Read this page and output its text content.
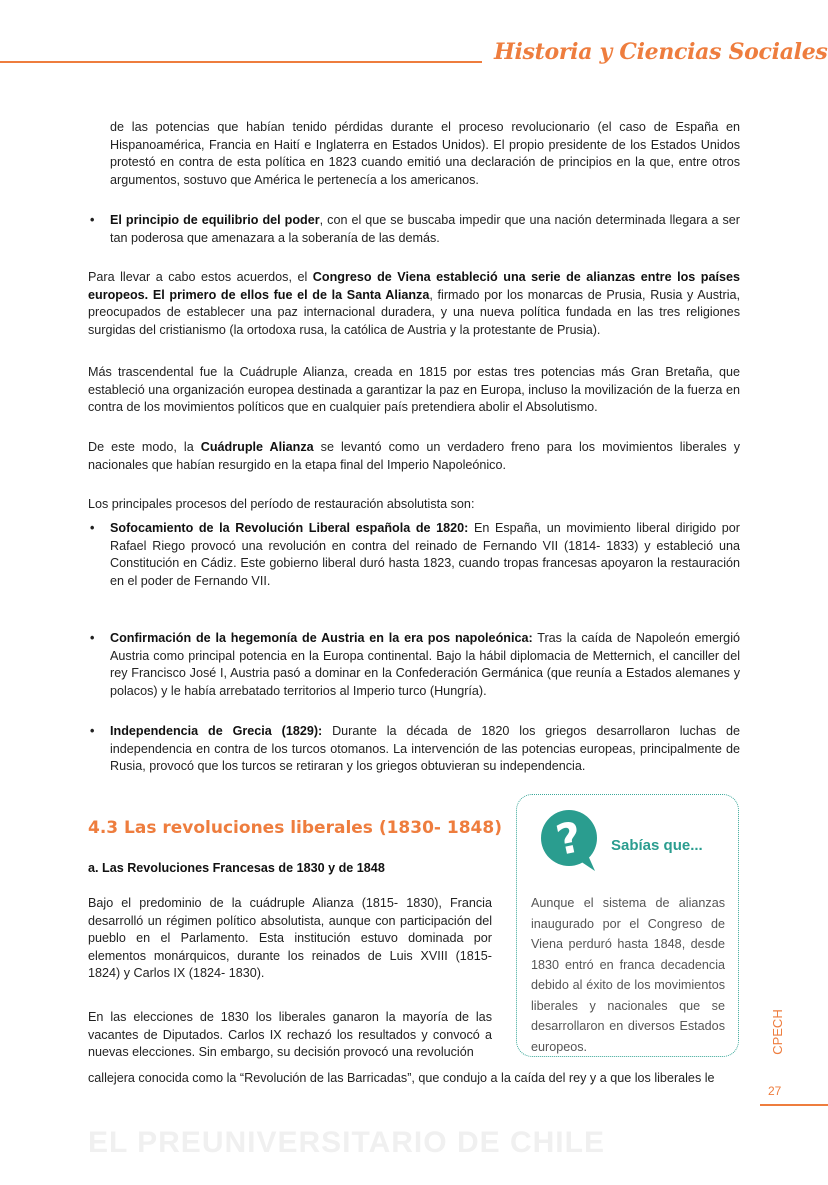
Historia y Ciencias Sociales

de las potencias que habían tenido pérdidas durante el proceso revolucionario (el caso de España en Hispanoamérica, Francia en Haití e Inglaterra en Estados Unidos). El propio presidente de los Estados Unidos protestó en contra de esta política en 1823 cuando emitió una declaración de principios en la que, entre otros argumentos, sostuvo que América le pertenecía a los americanos.

• El principio de equilibrio del poder, con el que se buscaba impedir que una nación determinada llegara a ser tan poderosa que amenazara a la soberanía de las demás.

Para llevar a cabo estos acuerdos, el Congreso de Viena estableció una serie de alianzas entre los países europeos. El primero de ellos fue el de la Santa Alianza, firmado por los monarcas de Prusia, Rusia y Austria, preocupados de establecer una paz internacional duradera, y una nueva política fundada en las tres religiones surgidas del cristianismo (la ortodoxa rusa, la católica de Austria y la protestante de Prusia).

Más trascendental fue la Cuádruple Alianza, creada en 1815 por estas tres potencias más Gran Bretaña, que estableció una organización europea destinada a garantizar la paz en Europa, incluso la movilización de la fuerza en contra de los movimientos políticos que en cualquier país pretendiera abolir el Absolutismo.

De este modo, la Cuádruple Alianza se levantó como un verdadero freno para los movimientos liberales y nacionales que habían resurgido en la etapa final del Imperio Napoleónico.

Los principales procesos del período de restauración absolutista son:

• Sofocamiento de la Revolución Liberal española de 1820: En España, un movimiento liberal dirigido por Rafael Riego provocó una revolución en contra del reinado de Fernando VII (1814- 1833) y estableció una Constitución en Cádiz. Este gobierno liberal duró hasta 1823, cuando tropas francesas apoyaron la restauración en el poder de Fernando VII.

• Confirmación de la hegemonía de Austria en la era pos napoleónica: Tras la caída de Napoleón emergió Austria como principal potencia en la Europa continental. Bajo la hábil diplomacia de Metternich, el canciller del rey Francisco José I, Austria pasó a dominar en la Confederación Germánica (que reunía a Estados alemanes y polacos) y le había arrebatado territorios al Imperio turco (Hungría).

• Independencia de Grecia (1829): Durante la década de 1820 los griegos desarrollaron luchas de independencia en contra de los turcos otomanos. La intervención de las potencias europeas, principalmente de Rusia, provocó que los turcos se retiraran y los griegos obtuvieran su independencia.

4.3 Las revoluciones liberales (1830- 1848)
a. Las Revoluciones Francesas de 1830 y de 1848

Bajo el predominio de la cuádruple Alianza (1815- 1830), Francia desarrolló un régimen político absolutista, aunque con participación del pueblo en el Parlamento. Esta institución estuvo dominada por elementos monárquicos, durante los reinados de Luis XVIII (1815- 1824) y Carlos IX (1824- 1830).

En las elecciones de 1830 los liberales ganaron la mayoría de las vacantes de Diputados. Carlos IX rechazó los resultados y convocó a nuevas elecciones. Sin embargo, su decisión provocó una revolución

callejera conocida como la “Revolución de las Barricadas”, que condujo a la caída del rey y a que los liberales le

? Sabías que...

Aunque el sistema de alianzas inaugurado por el Congreso de Viena perduró hasta 1848, desde 1830 entró en franca decadencia debido al éxito de los movimientos liberales y nacionales que se desarrollaron en diversos Estados europeos.

EL PREUNIVERSITARIO DE CHILE
CPECH
27
